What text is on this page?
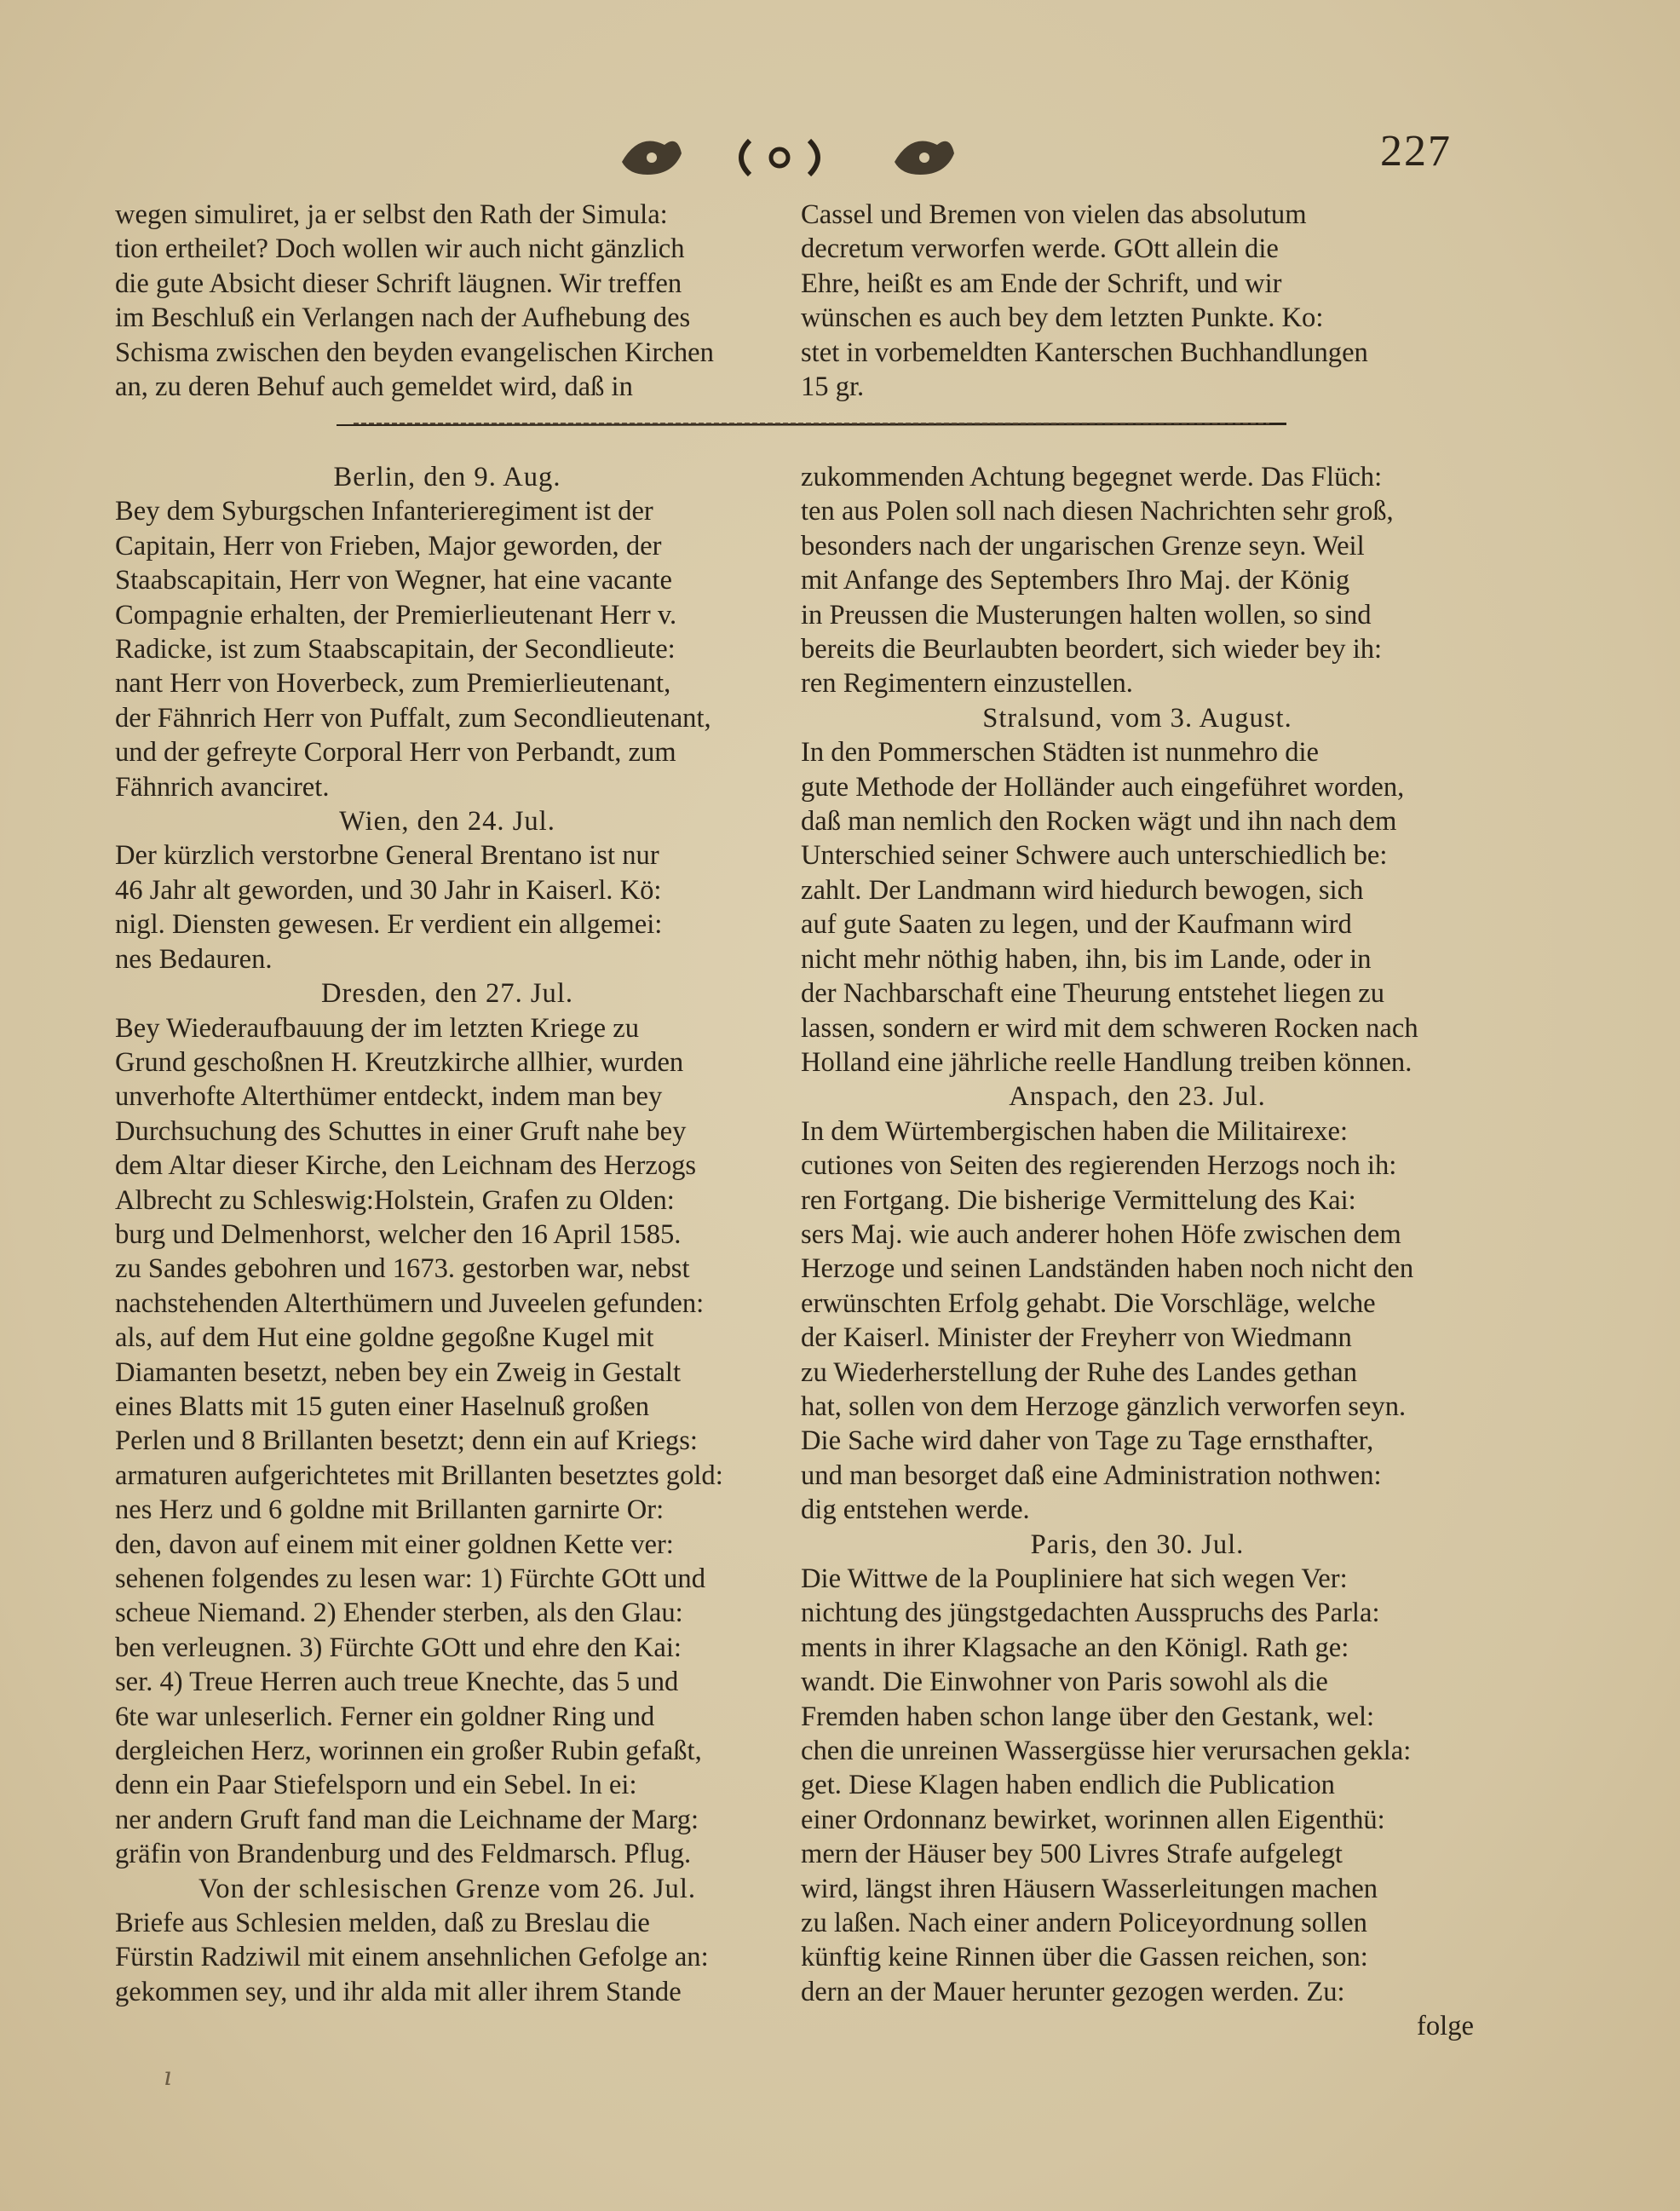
227
wegen simuliret, ja er selbst den Rath der Simula:
tion ertheilet? Doch wollen wir auch nicht gänzlich
die gute Absicht dieser Schrift läugnen. Wir treffen
im Beschluß ein Verlangen nach der Aufhebung des
Schisma zwischen den beyden evangelischen Kirchen
an, zu deren Behuf auch gemeldet wird, daß in
Cassel und Bremen von vielen das absolutum
decretum verworfen werde. GOtt allein die
Ehre, heißt es am Ende der Schrift, und wir
wünschen es auch bey dem letzten Punkte. Ko:
stet in vorbemeldten Kanterschen Buchhandlungen
15 gr.
Berlin, den 9. Aug.
Bey dem Syburgschen Infanterieregiment ist der
Capitain, Herr von Frieben, Major geworden, der
Staabscapitain, Herr von Wegner, hat eine vacante
Compagnie erhalten, der Premierlieutenant Herr v.
Radicke, ist zum Staabscapitain, der Secondlieute:
nant Herr von Hoverbeck, zum Premierlieutenant,
der Fähnrich Herr von Puffalt, zum Secondlieutenant,
und der gefreyte Corporal Herr von Perbandt, zum
Fähnrich avanciret.
Wien, den 24. Jul.
Der kürzlich verstorbne General Brentano ist nur
46 Jahr alt geworden, und 30 Jahr in Kaiserl. Kö:
nigl. Diensten gewesen. Er verdient ein allgemei:
nes Bedauren.
Dresden, den 27. Jul.
Bey Wiederaufbauung der im letzten Kriege zu
Grund geschoßnen H. Kreutzkirche allhier, wurden
unverhofte Alterthümer entdeckt, indem man bey
Durchsuchung des Schuttes in einer Gruft nahe bey
dem Altar dieser Kirche, den Leichnam des Herzogs
Albrecht zu Schleswig:Holstein, Grafen zu Olden:
burg und Delmenhorst, welcher den 16 April 1585.
zu Sandes gebohren und 1673. gestorben war, nebst
nachstehenden Alterthümern und Juveelen gefunden:
als, auf dem Hut eine goldne gegoßne Kugel mit
Diamanten besetzt, neben bey ein Zweig in Gestalt
eines Blatts mit 15 guten einer Haselnuß großen
Perlen und 8 Brillanten besetzt; denn ein auf Kriegs:
armaturen aufgerichtetes mit Brillanten besetztes gold:
nes Herz und 6 goldne mit Brillanten garnirte Or:
den, davon auf einem mit einer goldnen Kette ver:
sehenen folgendes zu lesen war: 1) Fürchte GOtt und
scheue Niemand. 2) Ehender sterben, als den Glau:
ben verleugnen. 3) Fürchte GOtt und ehre den Kai:
ser. 4) Treue Herren auch treue Knechte, das 5 und
6te war unleserlich. Ferner ein goldner Ring und
dergleichen Herz, worinnen ein großer Rubin gefaßt,
denn ein Paar Stiefelsporn und ein Sebel. In ei:
ner andern Gruft fand man die Leichname der Marg:
gräfin von Brandenburg und des Feldmarsch. Pflug.
Von der schlesischen Grenze vom 26. Jul.
Briefe aus Schlesien melden, daß zu Breslau die
Fürstin Radziwil mit einem ansehnlichen Gefolge an:
gekommen sey, und ihr alda mit aller ihrem Stande
zukommenden Achtung begegnet werde. Das Flüch:
ten aus Polen soll nach diesen Nachrichten sehr groß,
besonders nach der ungarischen Grenze seyn. Weil
mit Anfange des Septembers Ihro Maj. der König
in Preussen die Musterungen halten wollen, so sind
bereits die Beurlaubten beordert, sich wieder bey ih:
ren Regimentern einzustellen.
Stralsund, vom 3. August.
In den Pommerschen Städten ist nunmehro die
gute Methode der Holländer auch eingeführet worden,
daß man nemlich den Rocken wägt und ihn nach dem
Unterschied seiner Schwere auch unterschiedlich be:
zahlt. Der Landmann wird hiedurch bewogen, sich
auf gute Saaten zu legen, und der Kaufmann wird
nicht mehr nöthig haben, ihn, bis im Lande, oder in
der Nachbarschaft eine Theurung entstehet liegen zu
lassen, sondern er wird mit dem schweren Rocken nach
Holland eine jährliche reelle Handlung treiben können.
Anspach, den 23. Jul.
In dem Würtembergischen haben die Militairexe:
cutiones von Seiten des regierenden Herzogs noch ih:
ren Fortgang. Die bisherige Vermittelung des Kai:
sers Maj. wie auch anderer hohen Höfe zwischen dem
Herzoge und seinen Landständen haben noch nicht den
erwünschten Erfolg gehabt. Die Vorschläge, welche
der Kaiserl. Minister der Freyherr von Wiedmann
zu Wiederherstellung der Ruhe des Landes gethan
hat, sollen von dem Herzoge gänzlich verworfen seyn.
Die Sache wird daher von Tage zu Tage ernsthafter,
und man besorget daß eine Administration nothwen:
dig entstehen werde.
Paris, den 30. Jul.
Die Wittwe de la Poupliniere hat sich wegen Ver:
nichtung des jüngstgedachten Ausspruchs des Parla:
ments in ihrer Klagsache an den Königl. Rath ge:
wandt. Die Einwohner von Paris sowohl als die
Fremden haben schon lange über den Gestank, wel:
chen die unreinen Wassergüsse hier verursachen gekla:
get. Diese Klagen haben endlich die Publication
einer Ordonnanz bewirket, worinnen allen Eigenthü:
mern der Häuser bey 500 Livres Strafe aufgelegt
wird, längst ihren Häusern Wasserleitungen machen
zu laßen. Nach einer andern Policeyordnung sollen
künftig keine Rinnen über die Gassen reichen, son:
dern an der Mauer herunter gezogen werden. Zu:
folge
ı
